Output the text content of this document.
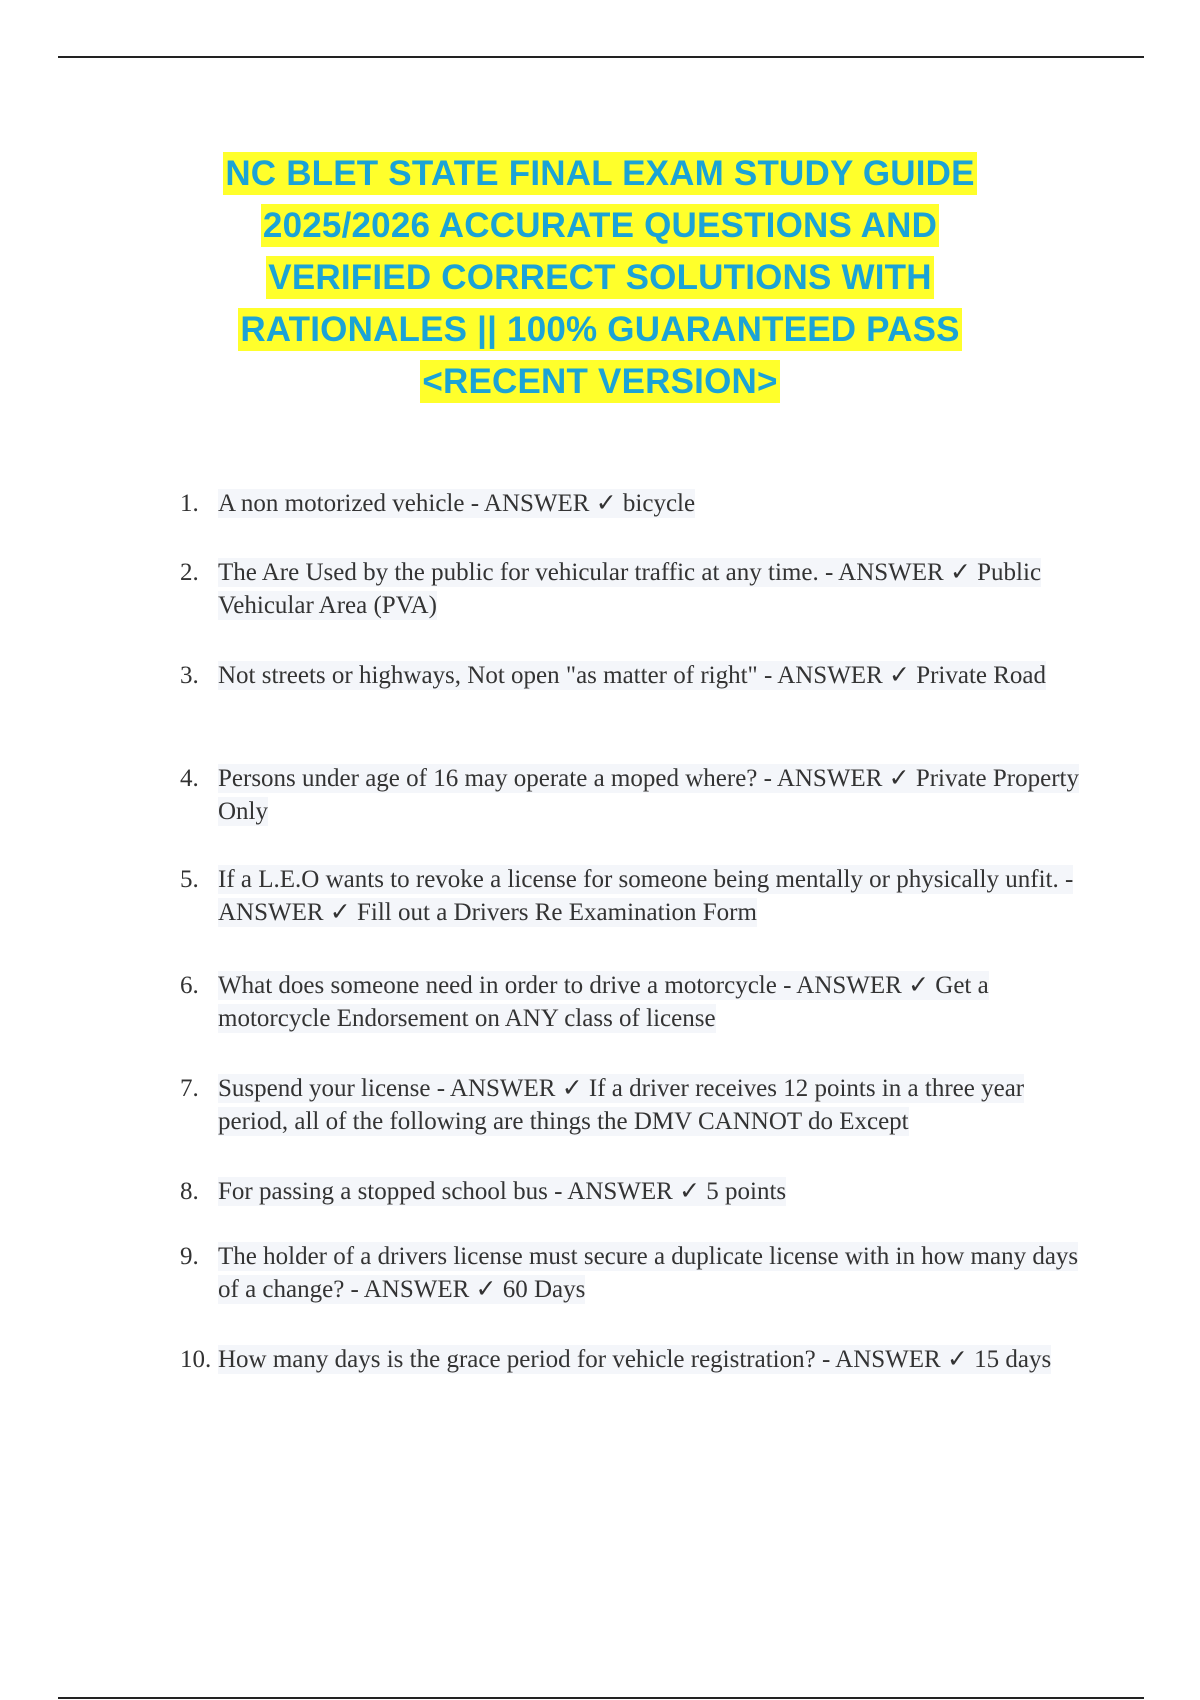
NC BLET STATE FINAL EXAM STUDY GUIDE
2025/2026 ACCURATE QUESTIONS AND
VERIFIED CORRECT SOLUTIONS WITH
RATIONALES || 100% GUARANTEED PASS
<RECENT VERSION>
1. A non motorized vehicle - ANSWER ✓ bicycle
2. The Are Used by the public for vehicular traffic at any time. - ANSWER ✓ Public Vehicular Area (PVA)
3. Not streets or highways, Not open "as matter of right" - ANSWER ✓ Private Road
4. Persons under age of 16 may operate a moped where? - ANSWER ✓ Private Property Only
5. If a L.E.O wants to revoke a license for someone being mentally or physically unfit. - ANSWER ✓ Fill out a Drivers Re Examination Form
6. What does someone need in order to drive a motorcycle - ANSWER ✓ Get a motorcycle Endorsement on ANY class of license
7. Suspend your license - ANSWER ✓ If a driver receives 12 points in a three year period, all of the following are things the DMV CANNOT do Except
8. For passing a stopped school bus - ANSWER ✓ 5 points
9. The holder of a drivers license must secure a duplicate license with in how many days of a change? - ANSWER ✓ 60 Days
10. How many days is the grace period for vehicle registration? - ANSWER ✓ 15 days
